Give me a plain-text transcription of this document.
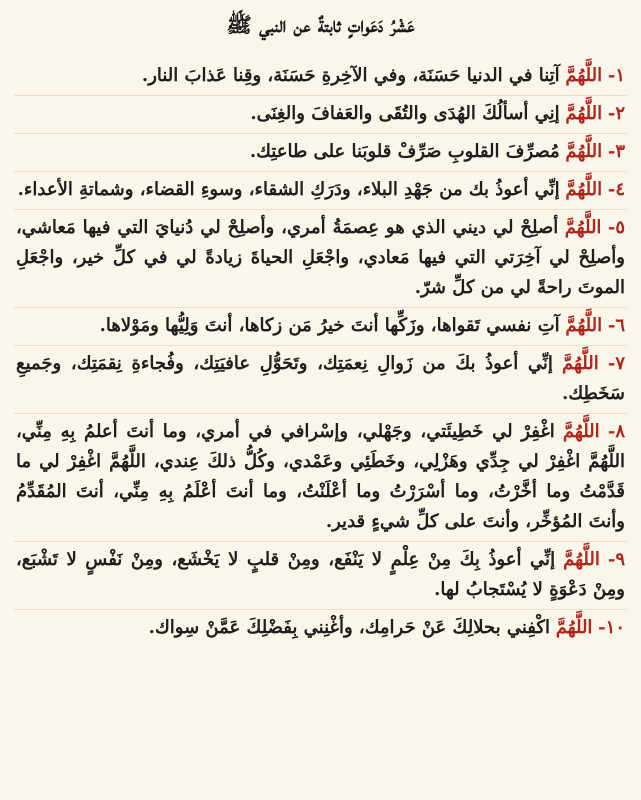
عَشْرُ دَعَواتٍ ثابتةٌ عن النبي ﷺ
١- اللَّهُمَّ آتِنا في الدنيا حَسَنَة، وفي الآخِرةِ حَسَنَة، وقِنا عَذابَ النار.
٢- اللَّهُمَّ إنِي أسألُكَ الهُدَى والتُقَى والعَفافَ والغِنَى.
٣- اللَّهُمَّ مُصرِّفَ القلوبِ صَرِّفْ قلوبَنا على طاعتِك.
٤- اللَّهُمَّ إنِّي أعوذُ بك من جَهْدِ البلاء، ودَرَكِ الشقاء، وسوءِ القضاء، وشماتةِ الأعداء.
٥- اللَّهُمَّ أصلِحْ لي ديني الذي هو عِصمَةُ أمري، وأصلِحْ لي دُنيايَ التي فيها مَعاشي، وأصلِحْ لي آخِرَتي التي فيها مَعادي، واجْعَلِ الحياةَ زيادةً لي في كلِّ خير، واجْعَلِ الموتَ راحةً لي من كلِّ شرّ.
٦- اللَّهُمَّ آتِ نفسي تَقواها، وزَكِّها أنتَ خيرُ مَن زكاها، أنتَ وَلِيُّها ومَوْلاها.
٧- اللَّهُمَّ إنِّي أعوذُ بكَ من زَوالِ نِعمَتِك، وتَحَوُّلِ عافيَتِك، وفُجاءةِ نِقمَتِك، وجَميعِ سَخَطِك.
٨- اللَّهُمَّ اغْفِرْ لي خَطِيئَتي، وجَهْلي، وإسْرافي في أمري، وما أنتَ أعلمُ بِهِ مِنِّي، اللَّهُمَّ اغْفِرْ لي جِدِّي وهَزْلِي، وخَطَئِي وعَمْدي، وكُلُّ ذلكَ عِندي، اللَّهُمَّ اغْفِرْ لي ما قَدَّمْتُ وما أخَّرْتُ، وما أسْرَرْتُ وما أعْلَنْتُ، وما أنتَ أعْلَمُ بِهِ مِنِّي، أنتَ المُقَدِّمُ وأنتَ المُؤخِّر، وأنتَ على كلِّ شيءٍ قدير.
٩- اللَّهُمَّ إنِّي أعوذُ بِكَ مِنْ عِلْمٍ لا يَنْفَع، ومِنْ قلبٍ لا يَخْشَع، ومِنْ نَفْسٍ لا تَشْبَع، ومِنْ دَعْوَةٍ لا يُسْتَجابُ لها.
١٠- اللَّهُمَّ اكْفِني بحلالِكَ عَنْ حَرامِك، وأغْنِني بِفَضْلِكَ عَمَّنْ سِواك.
